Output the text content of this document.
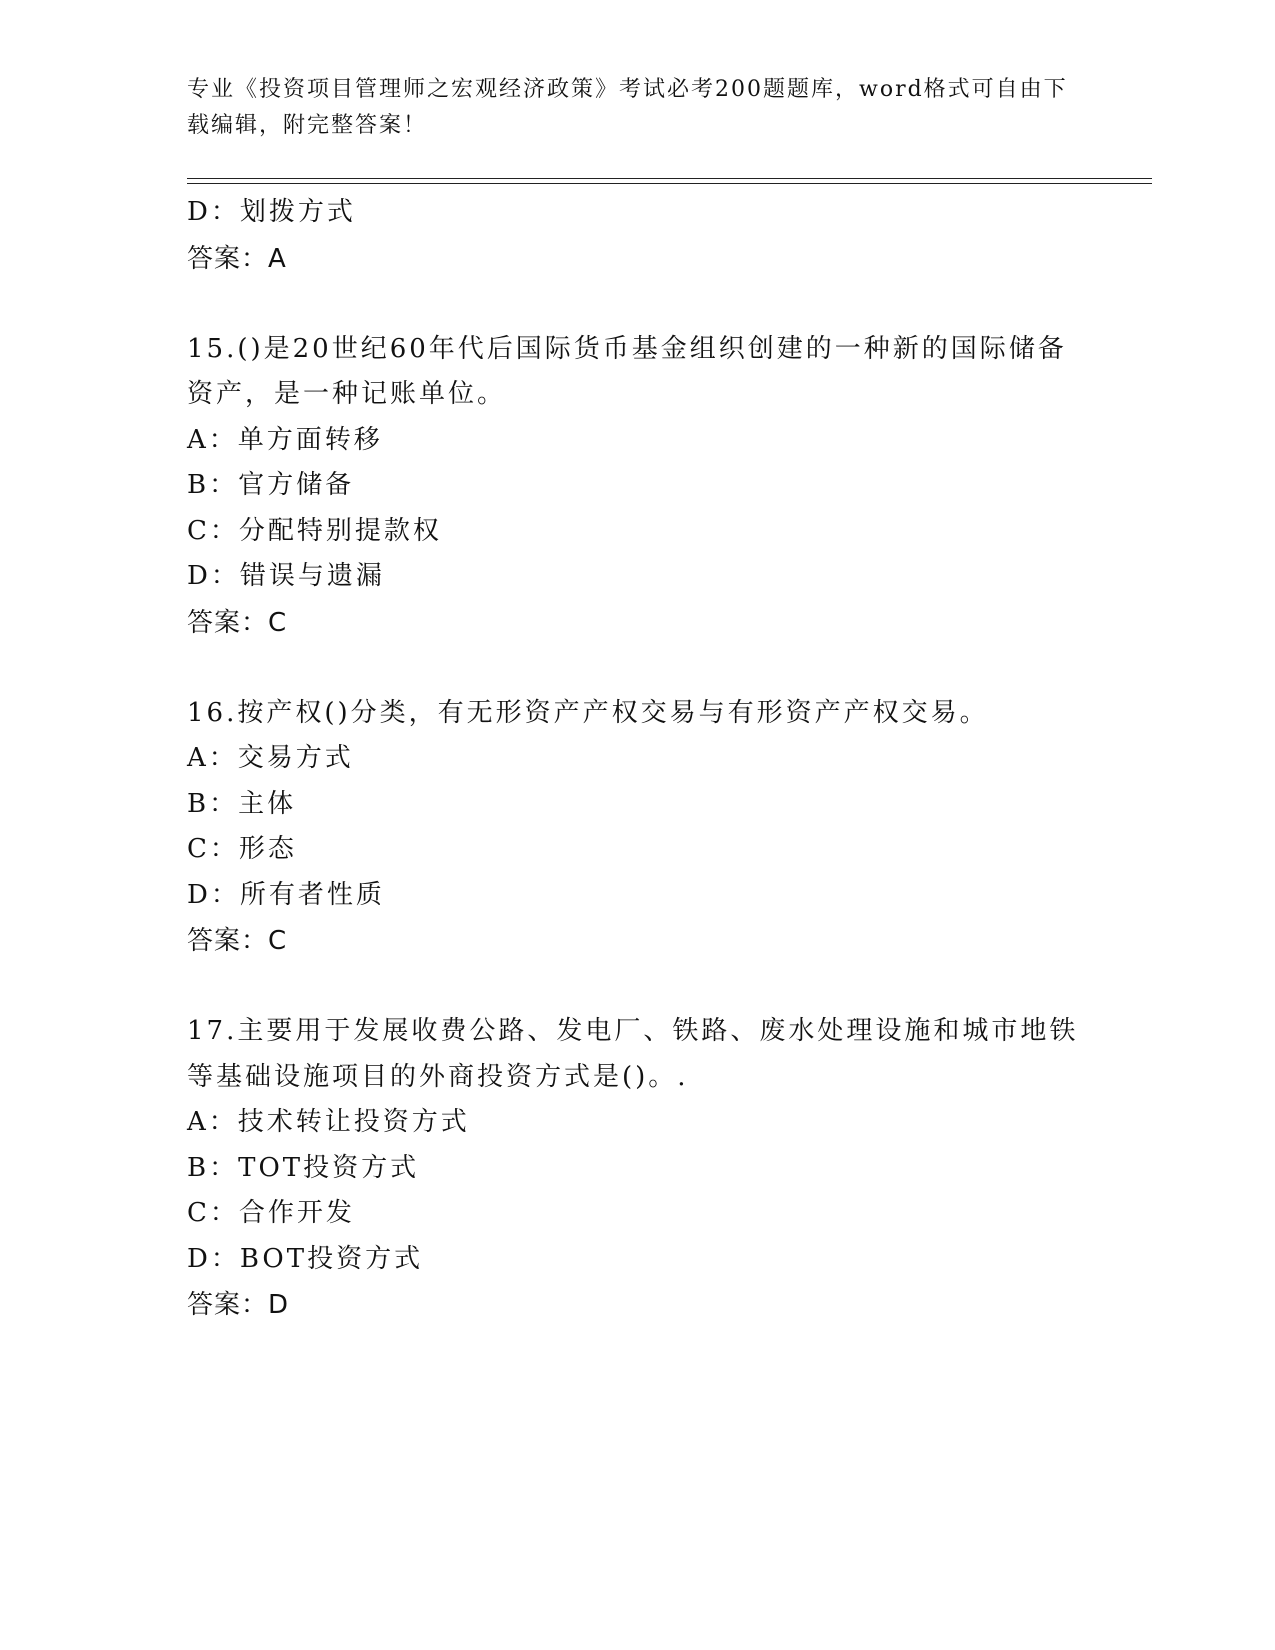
专业《投资项目管理师之宏观经济政策》考试必考200题题库，word格式可自由下载编辑，附完整答案！
D：划拨方式
答案：A
15.()是20世纪60年代后国际货币基金组织创建的一种新的国际储备资产，是一种记账单位。
A：单方面转移
B：官方储备
C：分配特别提款权
D：错误与遗漏
答案：C
16.按产权()分类，有无形资产产权交易与有形资产产权交易。
A：交易方式
B：主体
C：形态
D：所有者性质
答案：C
17.主要用于发展收费公路、发电厂、铁路、废水处理设施和城市地铁等基础设施项目的外商投资方式是()。.
A：技术转让投资方式
B：TOT投资方式
C：合作开发
D：BOT投资方式
答案：D
